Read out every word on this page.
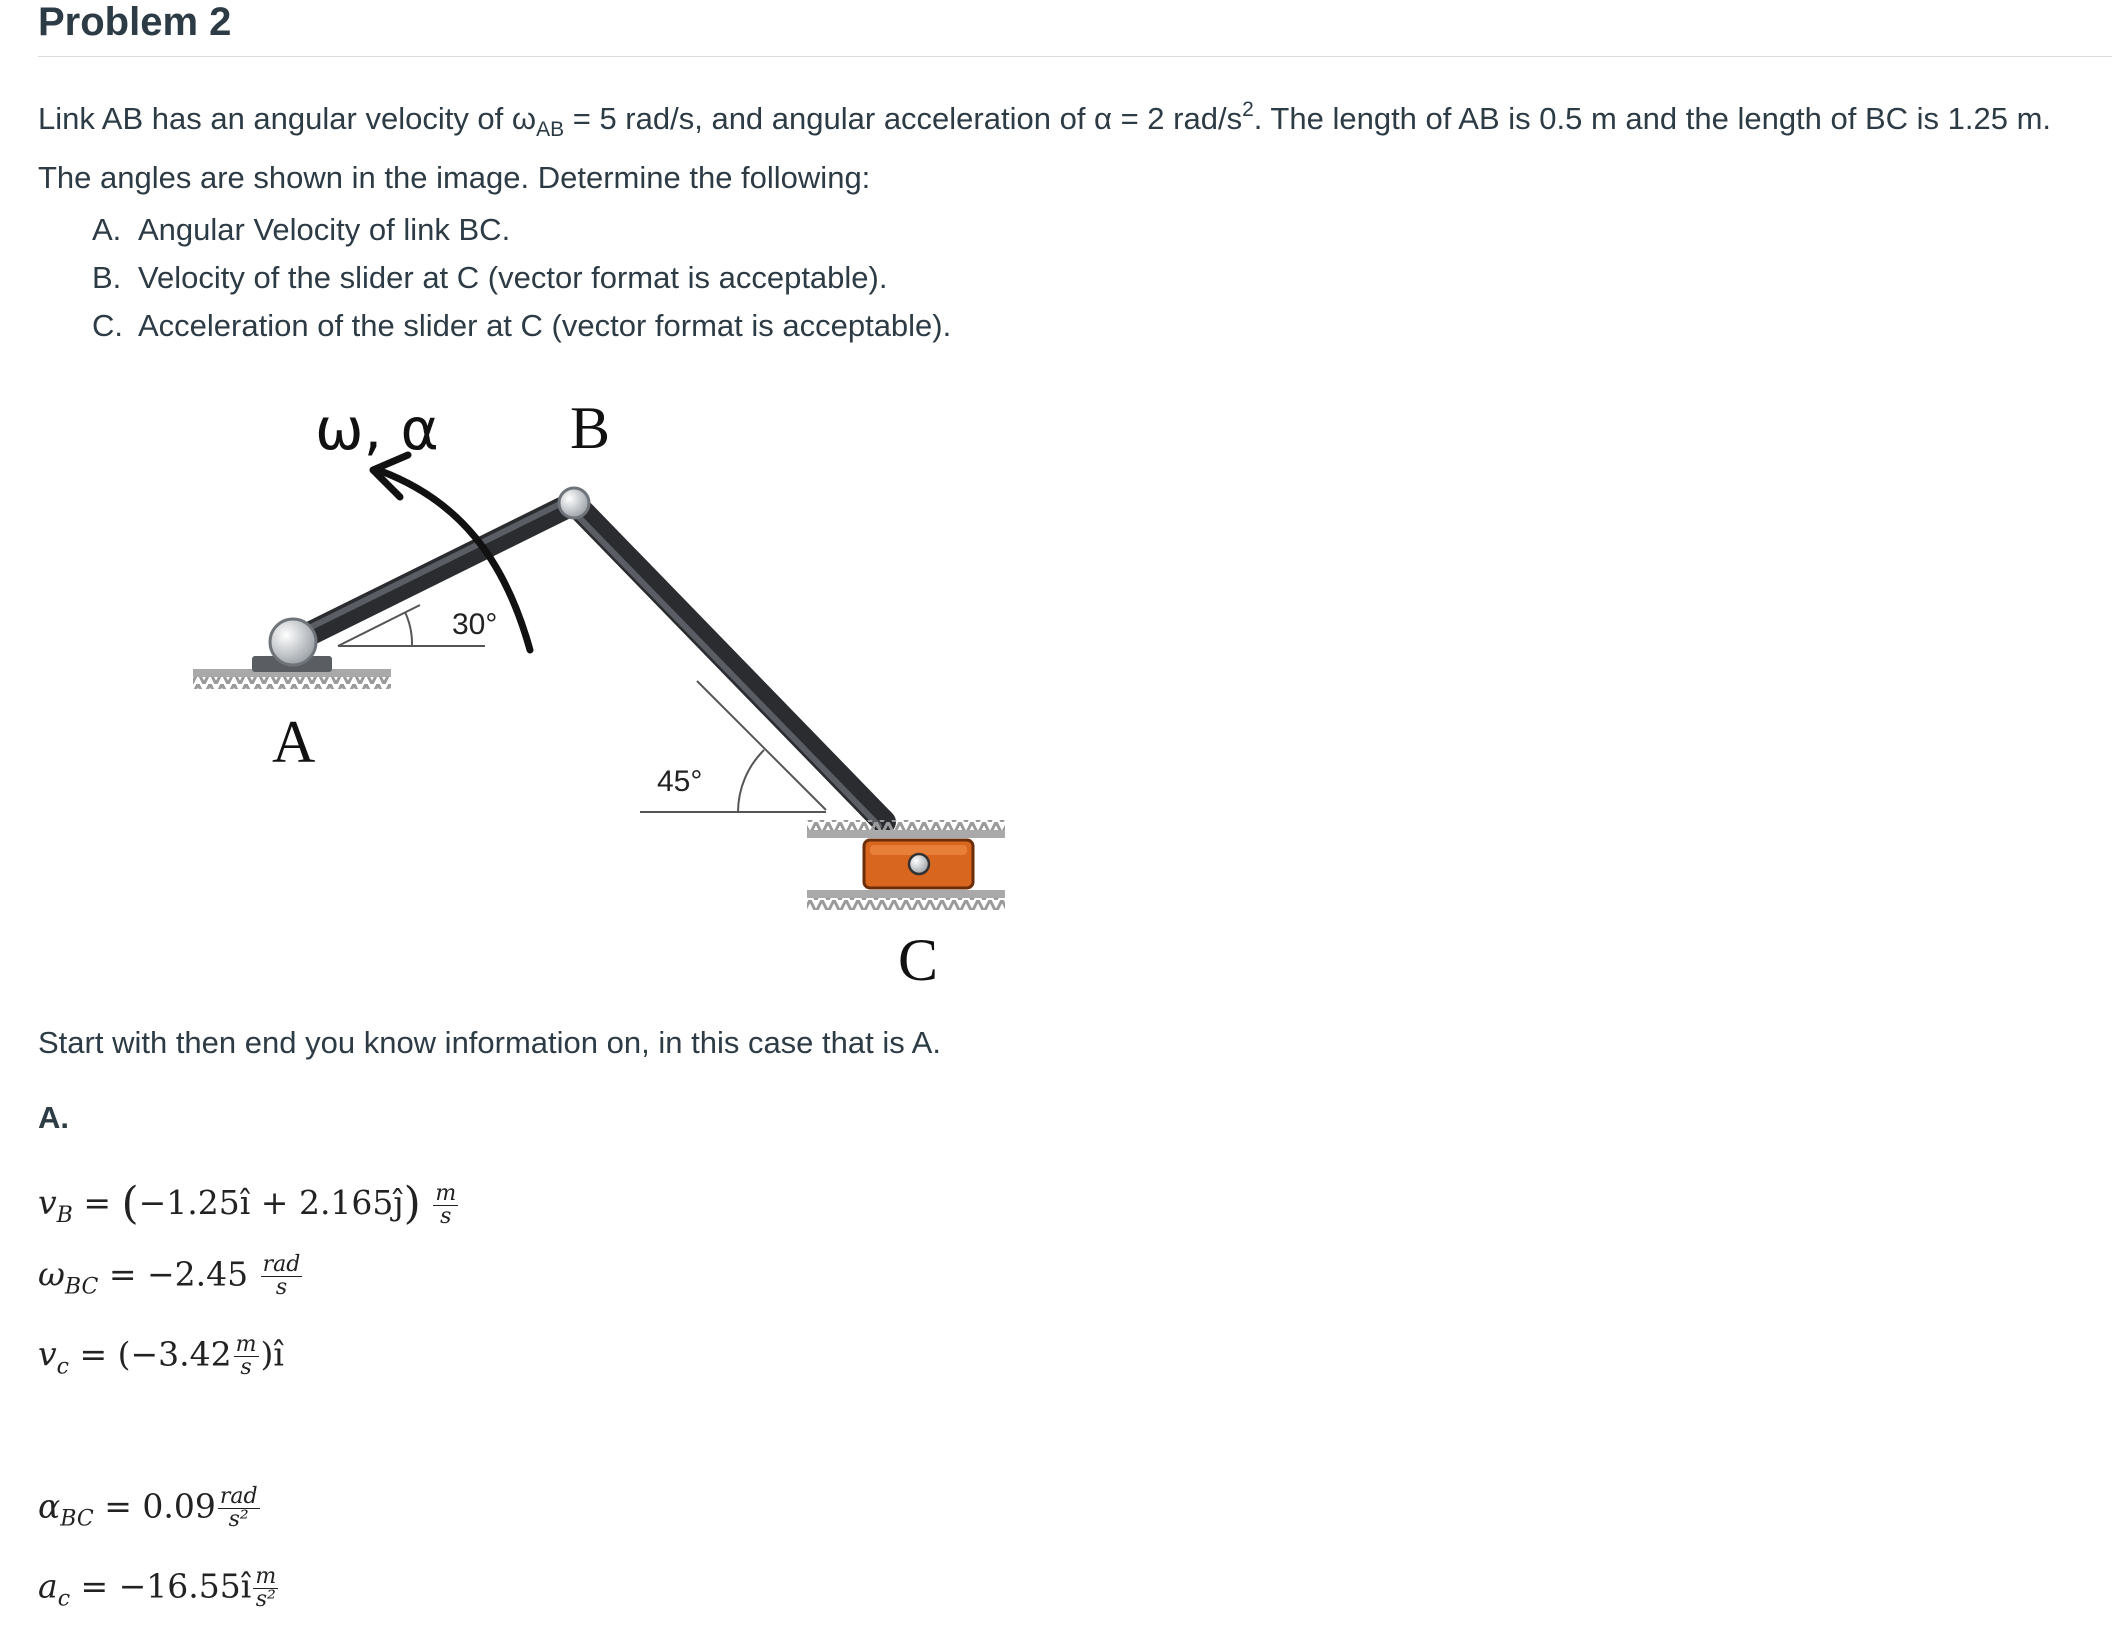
Problem 2
Link AB has an angular velocity of $\omega_{AB} = 5$ rad/s, and angular acceleration of α = 2 rad/$s^2$. The length of AB is 0.5 m and the length of BC is 1.25 m. The angles are shown in the image. Determine the following:
A. Angular Velocity of link BC.
B. Velocity of the slider at C (vector format is acceptable).
C. Acceleration of the slider at C (vector format is acceptable).
ω, α B
A
C
30°
45°
Start with then end you know information on, in this case that is A.
A.
$v_B$ = (−1.25î + 2.165ĵ) $\frac{m}{s}$
$\omega_{BC} = -2.45 \frac{\text{rad}}{s}$
$v_c = (-3.42 \frac{m}{s}$ )î
$\alpha_{BC} = 0.09 \frac{\text{rad}}{\text{s²}}$
$a_c$ = −16.55î $\frac{m}{\text{s²}}$
